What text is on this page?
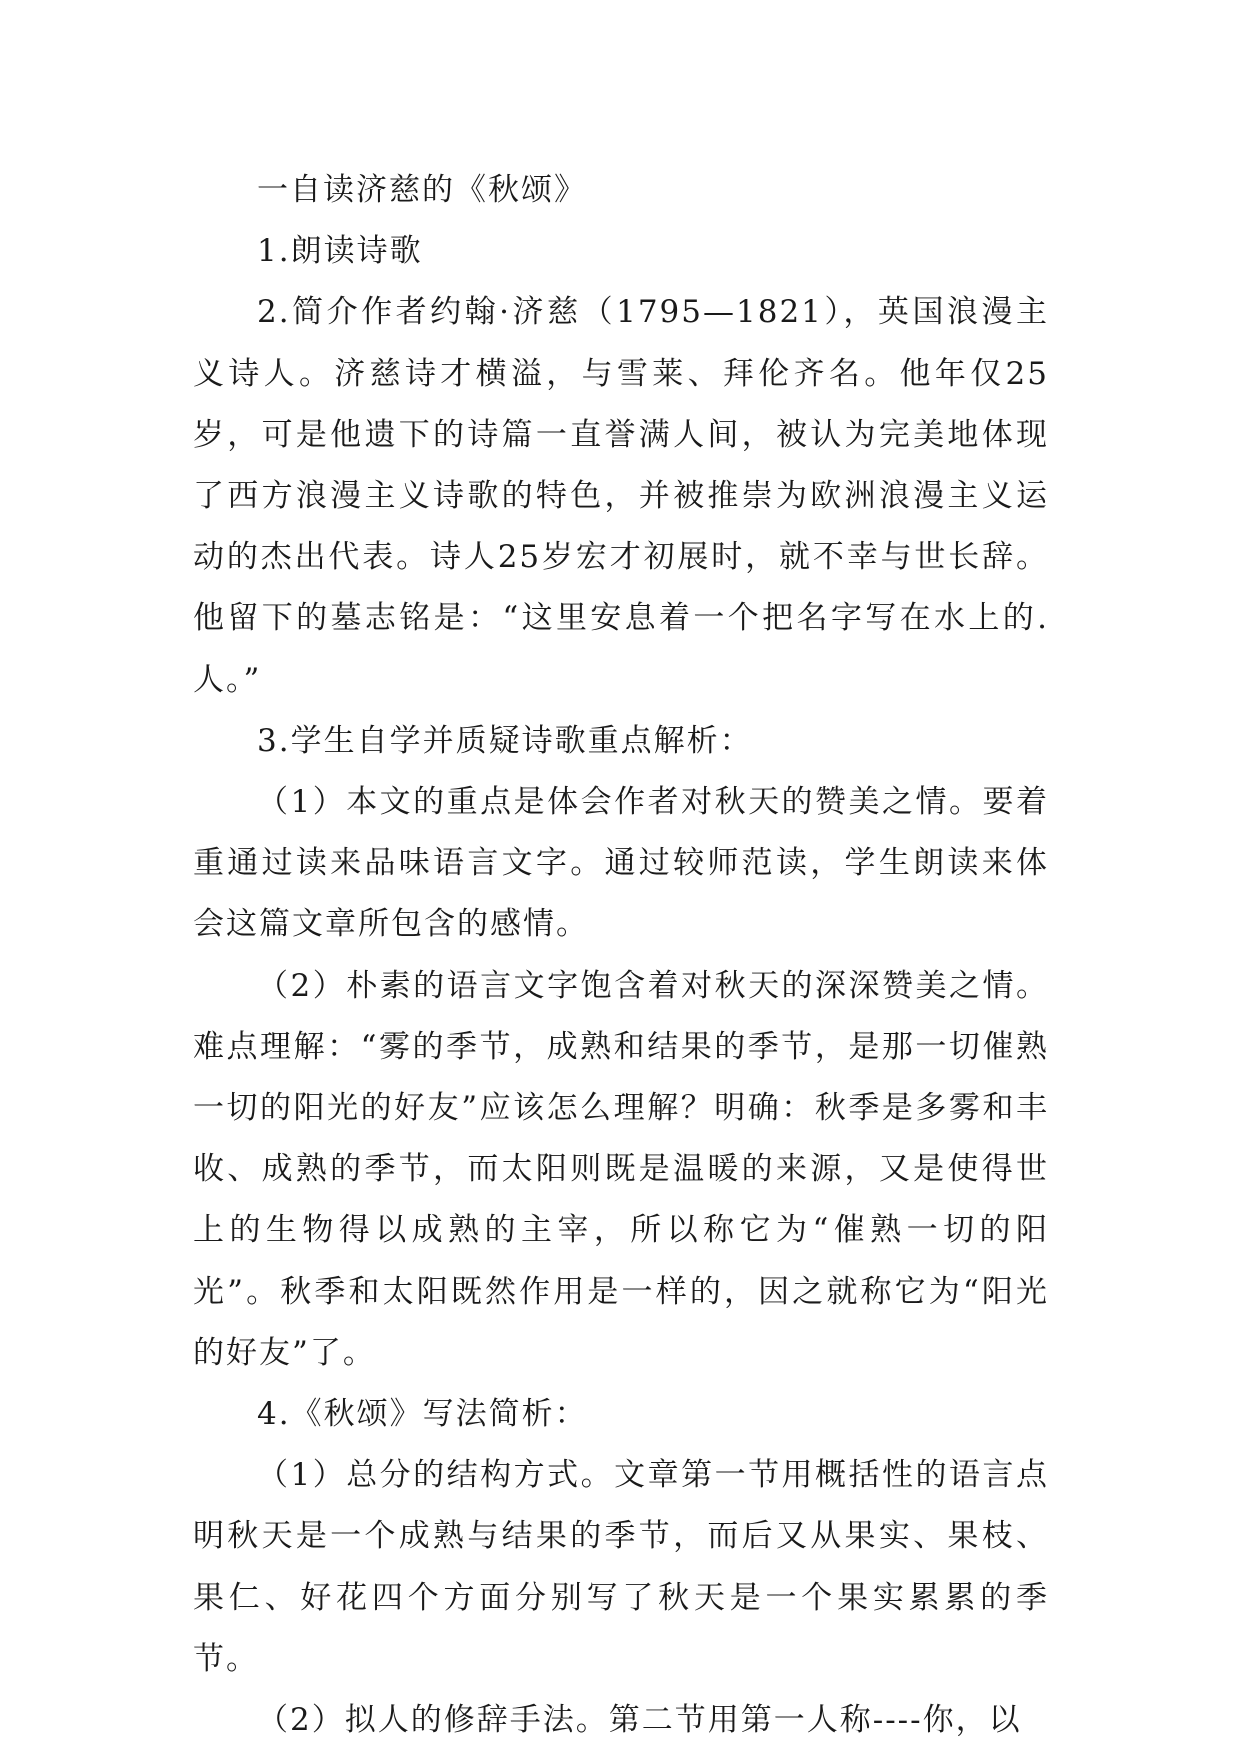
一自读济慈的《秋颂》

1.朗读诗歌

2.简介作者约翰·济慈（1795—1821），英国浪漫主义诗人。济慈诗才横溢，与雪莱、拜伦齐名。他年仅25岁，可是他遗下的诗篇一直誉满人间，被认为完美地体现了西方浪漫主义诗歌的特色，并被推崇为欧洲浪漫主义运动的杰出代表。诗人25岁宏才初展时，就不幸与世长辞。他留下的墓志铭是：“这里安息着一个把名字写在水上的.人。”

3.学生自学并质疑诗歌重点解析：

（1）本文的重点是体会作者对秋天的赞美之情。要着重通过读来品味语言文字。通过较师范读，学生朗读来体会这篇文章所包含的感情。

（2）朴素的语言文字饱含着对秋天的深深赞美之情。难点理解：“雾的季节，成熟和结果的季节，是那一切催熟一切的阳光的好友”应该怎么理解？明确：秋季是多雾和丰收、成熟的季节，而太阳则既是温暖的来源，又是使得世上的生物得以成熟的主宰，所以称它为“催熟一切的阳光”。秋季和太阳既然作用是一样的，因之就称它为“阳光的好友”了。

4.《秋颂》写法简析：

（1）总分的结构方式。文章第一节用概括性的语言点明秋天是一个成熟与结果的季节，而后又从果实、果枝、果仁、好花四个方面分别写了秋天是一个果实累累的季节。

（2）拟人的修辞手法。第二节用第一人称----你，以
